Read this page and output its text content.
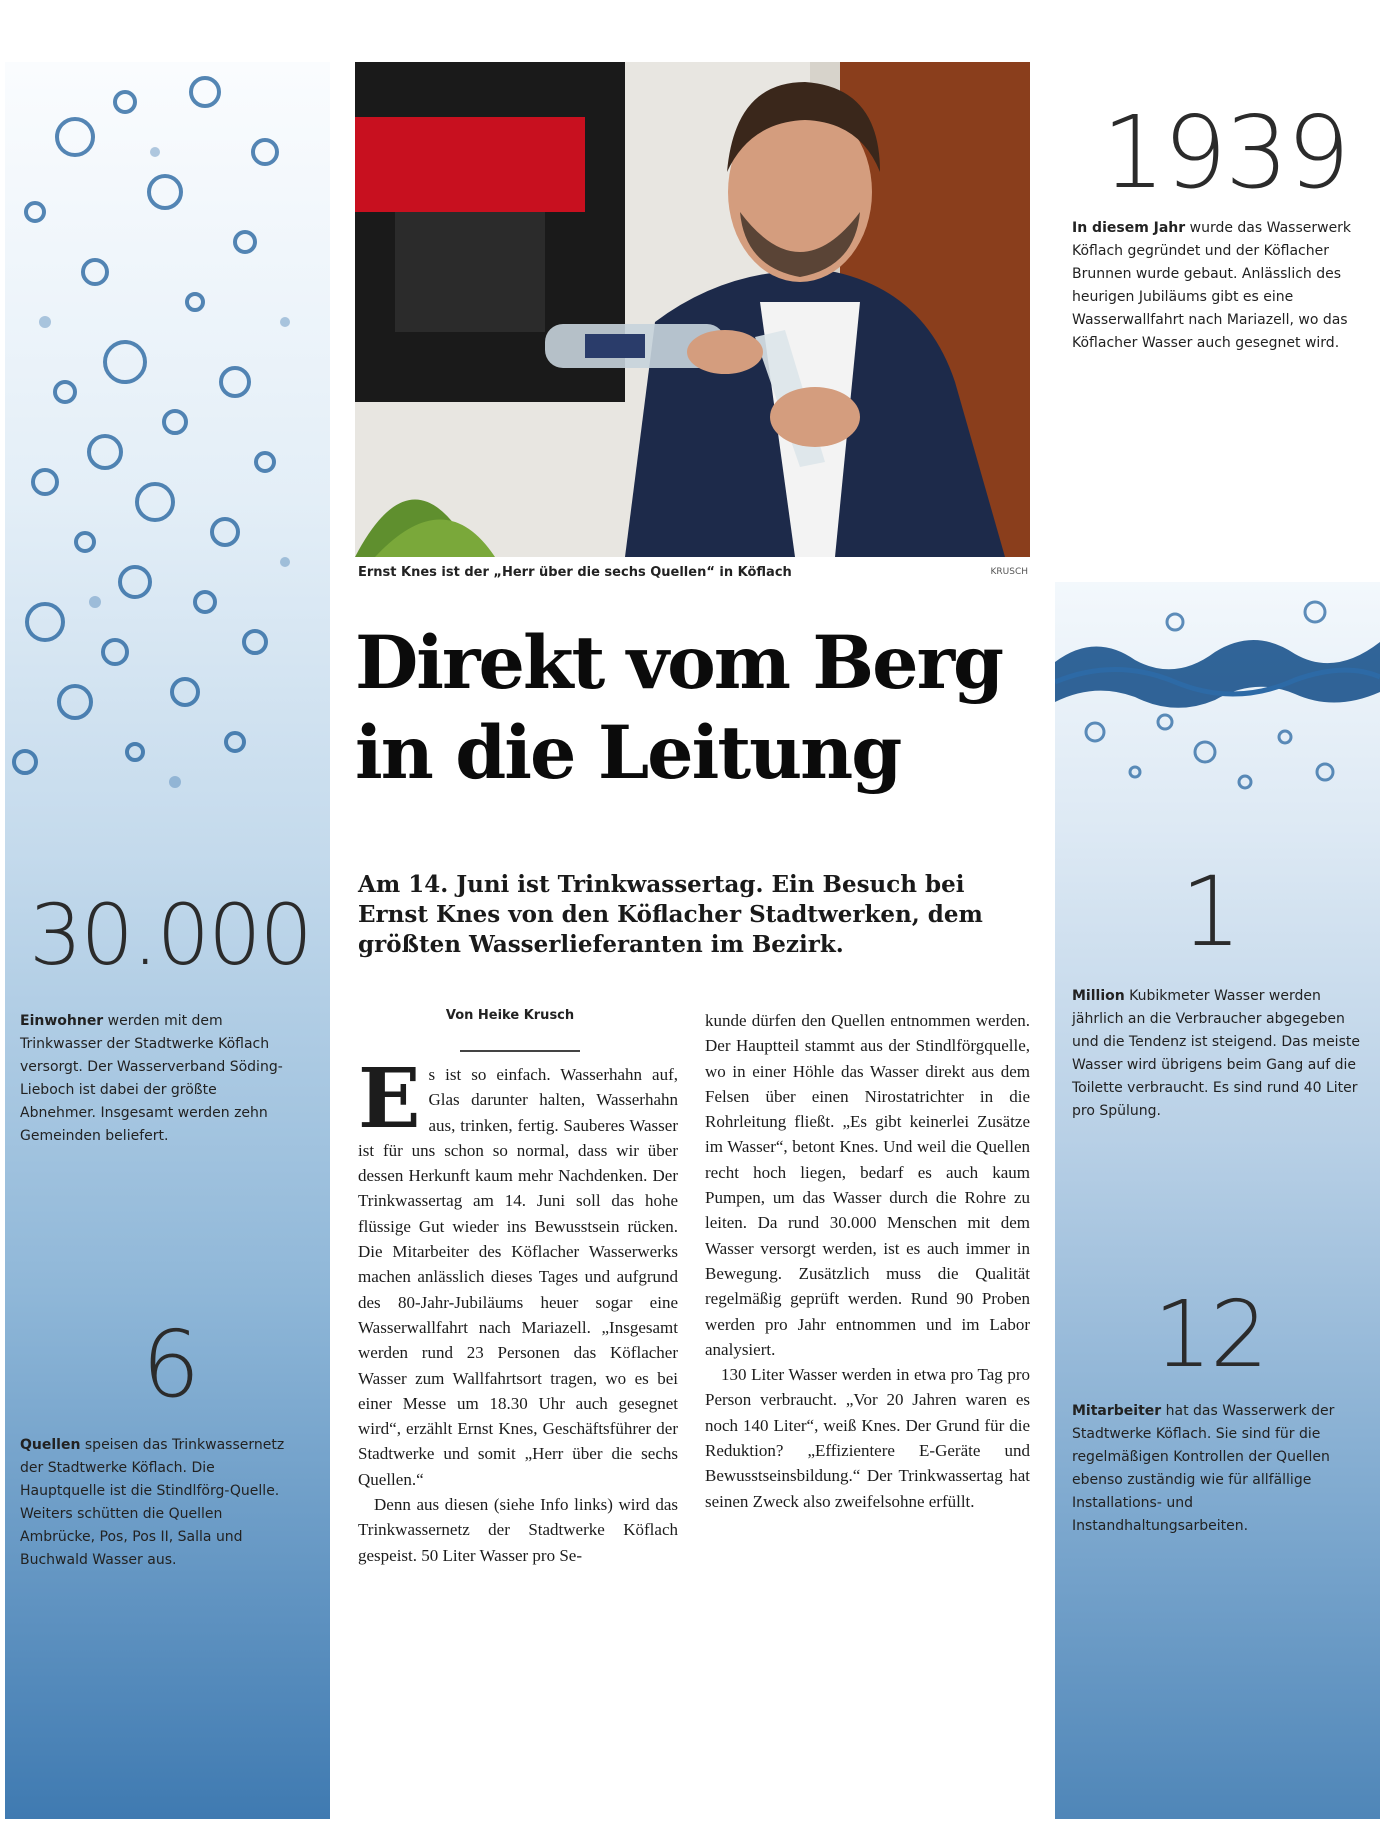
30.000
Einwohner werden mit dem Trinkwasser der Stadtwerke Köflach versorgt. Der Wasserverband Söding-Lieboch ist dabei der größte Abnehmer. Insgesamt werden zehn Gemeinden beliefert.
6
Quellen speisen das Trinkwassernetz der Stadtwerke Köflach. Die Hauptquelle ist die Stindlförg-Quelle. Weiters schütten die Quellen Ambrücke, Pos, Pos II, Salla und Buchwald Wasser aus.
Ernst Knes ist der „Herr über die sechs Quellen“ in Köflach	KRUSCH
Direkt vom Berg
in die Leitung
Am 14. Juni ist Trinkwassertag. Ein Besuch bei Ernst Knes von den Köflacher Stadtwerken, dem größten Wasserlieferanten im Bezirk.
Von Heike Krusch
Es ist so einfach. Wasserhahn auf, Glas darunter halten, Wasserhahn aus, trinken, fertig. Sauberes Wasser ist für uns schon so normal, dass wir über dessen Herkunft kaum mehr Nachdenken. Der Trinkwassertag am 14. Juni soll das hohe flüssige Gut wieder ins Bewusstsein rücken. Die Mitarbeiter des Köflacher Wasserwerks machen anlässlich dieses Tages und aufgrund des 80-Jahr-Jubiläums heuer sogar eine Wasserwallfahrt nach Mariazell. „Insgesamt werden rund 23 Personen das Köflacher Wasser zum Wallfahrtsort tragen, wo es bei einer Messe um 18.30 Uhr auch gesegnet wird“, erzählt Ernst Knes, Geschäftsführer der Stadtwerke und somit „Herr über die sechs Quellen.“
Denn aus diesen (siehe Info links) wird das Trinkwassernetz der Stadtwerke Köflach gespeist. 50 Liter Wasser pro Se-
kunde dürfen den Quellen entnommen werden. Der Hauptteil stammt aus der Stindlförgquelle, wo in einer Höhle das Wasser direkt aus dem Felsen über einen Nirostatrichter in die Rohrleitung fließt. „Es gibt keinerlei Zusätze im Wasser“, betont Knes. Und weil die Quellen recht hoch liegen, bedarf es auch kaum Pumpen, um das Wasser durch die Rohre zu leiten. Da rund 30.000 Menschen mit dem Wasser versorgt werden, ist es auch immer in Bewegung. Zusätzlich muss die Qualität regelmäßig geprüft werden. Rund 90 Proben werden pro Jahr entnommen und im Labor analysiert.
130 Liter Wasser werden in etwa pro Tag pro Person verbraucht. „Vor 20 Jahren waren es noch 140 Liter“, weiß Knes. Der Grund für die Reduktion? „Effizientere E-Geräte und Bewusstseinsbildung.“ Der Trinkwassertag hat seinen Zweck also zweifelsohne erfüllt.
1939
In diesem Jahr wurde das Wasserwerk Köflach gegründet und der Köflacher Brunnen wurde gebaut. Anlässlich des heurigen Jubiläums gibt es eine Wasserwallfahrt nach Mariazell, wo das Köflacher Wasser auch gesegnet wird.
1
Million Kubikmeter Wasser werden jährlich an die Verbraucher abgegeben und die Tendenz ist steigend. Das meiste Wasser wird übrigens beim Gang auf die Toilette verbraucht. Es sind rund 40 Liter pro Spülung.
12
Mitarbeiter hat das Wasserwerk der Stadtwerke Köflach. Sie sind für die regelmäßigen Kontrollen der Quellen ebenso zuständig wie für allfällige Installations- und Instandhaltungsarbeiten.
